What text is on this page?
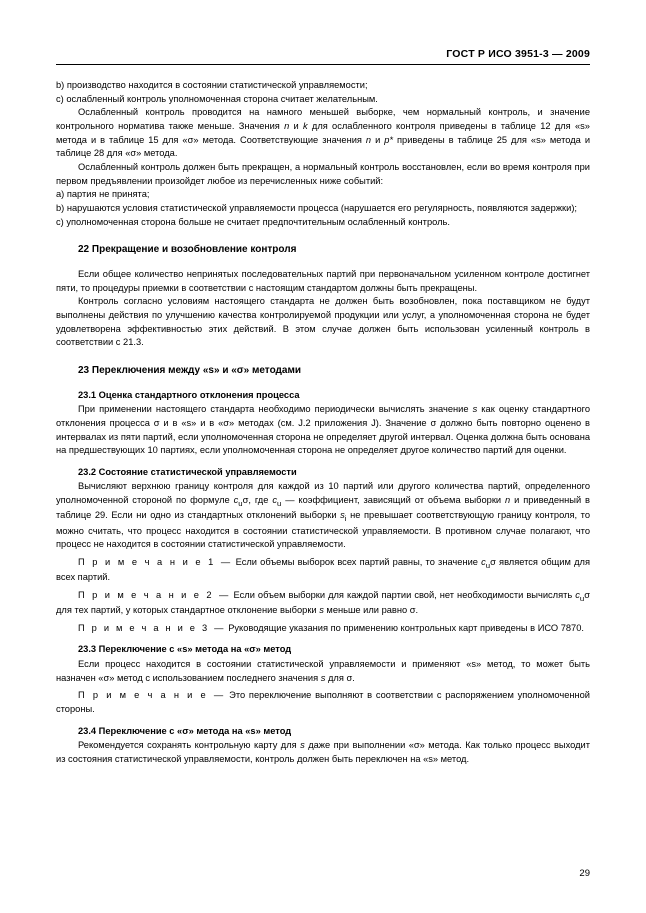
ГОСТ Р ИСО 3951-3 — 2009

b) производство находится в состоянии статистической управляемости;

c) ослабленный контроль уполномоченная сторона считает желательным.

Ослабленный контроль проводится на намного меньшей выборке, чем нормальный контроль, и значение контрольного норматива также меньше. Значения n и k для ослабленного контроля приведены в таблице 12 для «s» метода и в таблице 15 для «σ» метода. Соответствующие значения n и p* приведены в таблице 25 для «s» метода и таблице 28 для «σ» метода.

Ослабленный контроль должен быть прекращен, а нормальный контроль восстановлен, если во время контроля при первом предъявлении произойдет любое из перечисленных ниже событий:

а) партия не принята;

b) нарушаются условия статистической управляемости процесса (нарушается его регулярность, появляются задержки);

c) уполномоченная сторона больше не считает предпочтительным ослабленный контроль.

22 Прекращение и возобновление контроля

Если общее количество непринятых последовательных партий при первоначальном усиленном контроле достигнет пяти, то процедуры приемки в соответствии с настоящим стандартом должны быть прекращены.

Контроль согласно условиям настоящего стандарта не должен быть возобновлен, пока поставщиком не будут выполнены действия по улучшению качества контролируемой продукции или услуг, а уполномоченная сторона не будет удовлетворена эффективностью этих действий. В этом случае должен быть использован усиленный контроль в соответствии с 21.3.

23 Переключения между «s» и «σ» методами
23.1 Оценка стандартного отклонения процесса

При применении настоящего стандарта необходимо периодически вычислять значение s как оценку стандартного отклонения процесса σ и в «s» и в «σ» методах (см. J.2 приложения J). Значение σ должно быть повторно оценено в интервалах из пяти партий, если уполномоченная сторона не определяет другой интервал. Оценка должна быть основана на предшествующих 10 партиях, если уполномоченная сторона не определяет другое количество партий для оценки.

23.2 Состояние статистической управляемости

Вычисляют верхнюю границу контроля для каждой из 10 партий или другого количества партий, определенного уполномоченной стороной по формуле $c_u\sigma$, где $c_u$ — коэффициент, зависящий от объема выборки n и приведенный в таблице 29. Если ни одно из стандартных отклонений выборки $s_i$ не превышает соответствующую границу контроля, то можно считать, что процесс находится в состоянии статистической управляемости. В противном случае полагают, что процесс не находится в состоянии статистической управляемости.

П р и м е ч а н и е 1 — Если объемы выборок всех партий равны, то значение $c_u\sigma$ является общим для всех партий.

П р и м е ч а н и е 2 — Если объем выборки для каждой партии свой, нет необходимости вычислять $c_u\sigma$ для тех партий, у которых стандартное отклонение выборки s меньше или равно σ.

П р и м е ч а н и е 3 — Руководящие указания по применению контрольных карт приведены в ИСО 7870.

23.3 Переключение с «s» метода на «σ» метод

Если процесс находится в состоянии статистической управляемости и применяют «s» метод, то может быть назначен «σ» метод с использованием последнего значения s для σ.

П р и м е ч а н и е — Это переключение выполняют в соответствии с распоряжением уполномоченной стороны.

23.4 Переключение с «σ» метода на «s» метод

Рекомендуется сохранять контрольную карту для s даже при выполнении «σ» метода. Как только процесс выходит из состояния статистической управляемости, контроль должен быть переключен на «s» метод.

29
